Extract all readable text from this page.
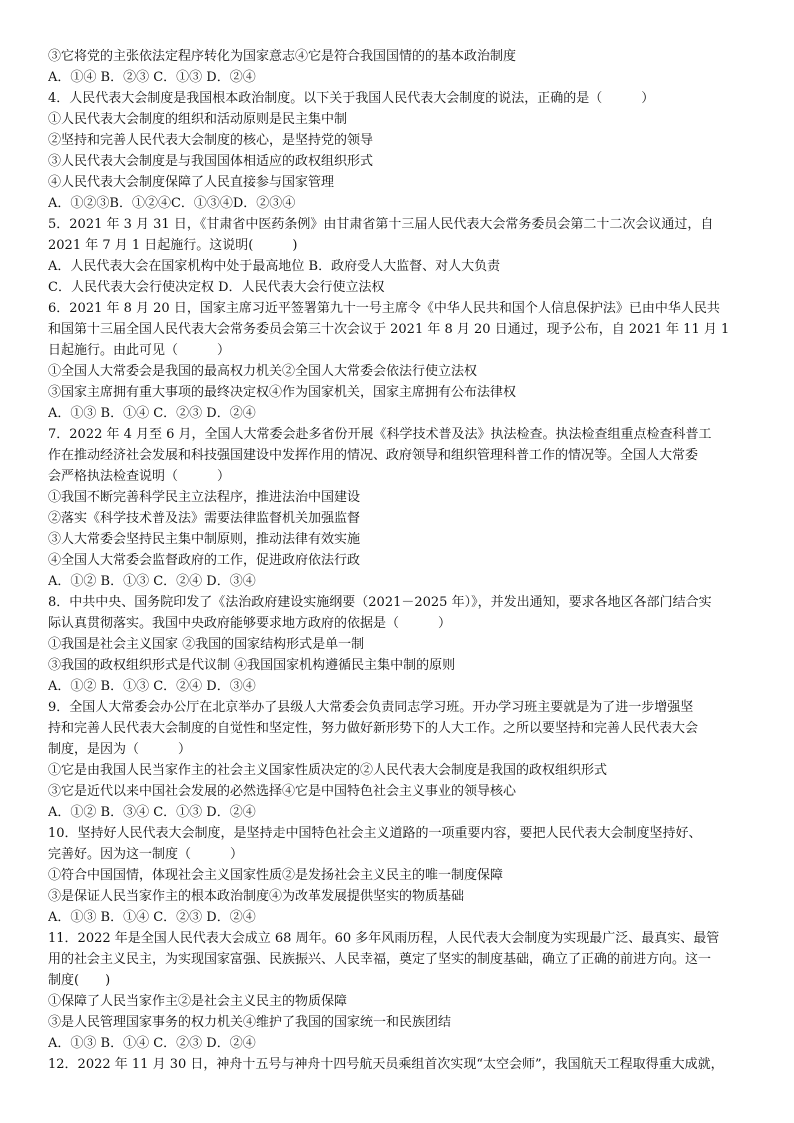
③它将党的主张依法定程序转化为国家意志④它是符合我国国情的的基本政治制度
A．①④ B．②③ C．①③ D．②④
4．人民代表大会制度是我国根本政治制度。以下关于我国人民代表大会制度的说法，正确的是（　　　）
①人民代表大会制度的组织和活动原则是民主集中制
②坚持和完善人民代表大会制度的核心，是坚持党的领导
③人民代表大会制度是与我国国体相适应的政权组织形式
④人民代表大会制度保障了人民直接参与国家管理
A．①②③B．①②④C．①③④D．②③④
5．2021 年 3 月 31 日，《甘肃省中医药条例》由甘肃省第十三届人民代表大会常务委员会第二十二次会议通过，自
2021 年 7 月 1 日起施行。这说明(　　　)
A．人民代表大会在国家机构中处于最高地位 B．政府受人大监督、对人大负责
C．人民代表大会行使决定权 D．人民代表大会行使立法权
6．2021 年 8 月 20 日，国家主席习近平签署第九十一号主席令《中华人民共和国个人信息保护法》已由中华人民共
和国第十三届全国人民代表大会常务委员会第三十次会议于 2021 年 8 月 20 日通过，现予公布，自 2021 年 11 月 1
日起施行。由此可见（　　　）
①全国人大常委会是我国的最高权力机关②全国人大常委会依法行使立法权
③国家主席拥有重大事项的最终决定权④作为国家机关，国家主席拥有公布法律权
A．①③ B．①④ C．②③ D．②④
7．2022 年 4 月至 6 月，全国人大常委会赴多省份开展《科学技术普及法》执法检查。执法检查组重点检查科普工
作在推动经济社会发展和科技强国建设中发挥作用的情况、政府领导和组织管理科普工作的情况等。全国人大常委
会严格执法检查说明（　　　）
①我国不断完善科学民主立法程序，推进法治中国建设
②落实《科学技术普及法》需要法律监督机关加强监督
③人大常委会坚持民主集中制原则，推动法律有效实施
④全国人大常委会监督政府的工作，促进政府依法行政
A．①② B．①③ C．②④ D．③④
8．中共中央、国务院印发了《法治政府建设实施纲要（2021－2025 年）》，并发出通知，要求各地区各部门结合实
际认真贯彻落实。我国中央政府能够要求地方政府的依据是（　　　）
①我国是社会主义国家 ②我国的国家结构形式是单一制
③我国的政权组织形式是代议制 ④我国国家机构遵循民主集中制的原则
A．①② B．①③ C．②④ D．③④
9．全国人大常委会办公厅在北京举办了县级人大常委会负责同志学习班。开办学习班主要就是为了进一步增强坚
持和完善人民代表大会制度的自觉性和坚定性，努力做好新形势下的人大工作。之所以要坚持和完善人民代表大会
制度，是因为（　　　）
①它是由我国人民当家作主的社会主义国家性质决定的②人民代表大会制度是我国的政权组织形式
③它是近代以来中国社会发展的必然选择④它是中国特色社会主义事业的领导核心
A．①② B．③④ C．①③ D．②④
10．坚持好人民代表大会制度，是坚持走中国特色社会主义道路的一项重要内容，要把人民代表大会制度坚持好、
完善好。因为这一制度（　　　）
①符合中国国情，体现社会主义国家性质②是发扬社会主义民主的唯一制度保障
③是保证人民当家作主的根本政治制度④为改革发展提供坚实的物质基础
A．①③ B．①④ C．②③ D．②④
11．2022 年是全国人民代表大会成立 68 周年。60 多年风雨历程，人民代表大会制度为实现最广泛、最真实、最管
用的社会主义民主，为实现国家富强、民族振兴、人民幸福，奠定了坚实的制度基础，确立了正确的前进方向。这一
制度(　　)
①保障了人民当家作主②是社会主义民主的物质保障
③是人民管理国家事务的权力机关④维护了我国的国家统一和民族团结
A．①③ B．①④ C．②③ D．②④
12．2022 年 11 月 30 日，神舟十五号与神舟十四号航天员乘组首次实现“太空会师”，我国航天工程取得重大成就，
